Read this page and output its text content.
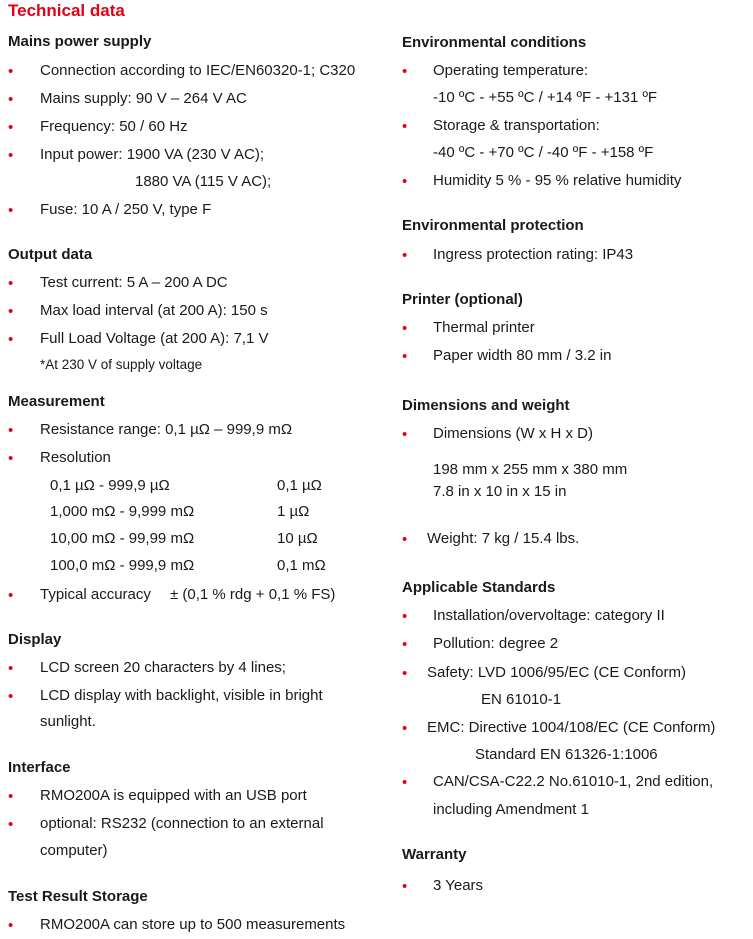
Technical data
Mains power supply
•
Connection according to IEC/EN60320-1; C320
•
Mains supply: 90 V – 264 V AC
•
Frequency: 50 / 60 Hz
•
Input power: 1900 VA (230 V AC);
1880 VA (115 V AC);
•
Fuse: 10 A / 250 V, type F
Output data
•
Test current: 5 A – 200 A DC
•
Max load interval (at 200 A): 150 s
•
Full Load Voltage (at 200 A): 7,1 V
*At 230 V of supply voltage
Measurement
•
Resistance range: 0,1 µΩ – 999,9 mΩ
•
Resolution
0,1 µΩ - 999,9 µΩ	0,1 µΩ
1,000 mΩ - 9,999 mΩ	1 µΩ
10,00 mΩ - 99,99 mΩ	10 µΩ
100,0 mΩ - 999,9 mΩ	0,1 mΩ
•
Typical accuracy ± (0,1 % rdg + 0,1 % FS)
Display
•
LCD screen 20 characters by 4 lines;
•
LCD display with backlight, visible in bright
sunlight.
Interface
•
RMO200A is equipped with an USB port
•
optional: RS232 (connection to an external
computer)
Test Result Storage
•
RMO200A can store up to 500 measurements
Environmental conditions
•
Operating temperature:
-10 ºC - +55 ºC / +14 ºF - +131 ºF
•
Storage & transportation:
-40 ºC - +70 ºC / -40 ºF - +158 ºF
•
Humidity 5 % - 95 % relative humidity
Environmental protection
•
Ingress protection rating: IP43
Printer (optional)
•
Thermal printer
•
Paper width 80 mm / 3.2 in
Dimensions and weight
•
Dimensions (W x H x D)
198 mm x 255 mm x 380 mm
7.8 in x 10 in x 15 in
•
Weight: 7 kg / 15.4 lbs.
Applicable Standards
•
Installation/overvoltage: category II
•
Pollution: degree 2
•
Safety: LVD 1006/95/EC (CE Conform)
EN 61010-1
•
EMC: Directive 1004/108/EC (CE Conform)
Standard EN 61326-1:1006
•
CAN/CSA-C22.2 No.61010-1, 2nd edition,
including Amendment 1
Warranty
•
3 Years
